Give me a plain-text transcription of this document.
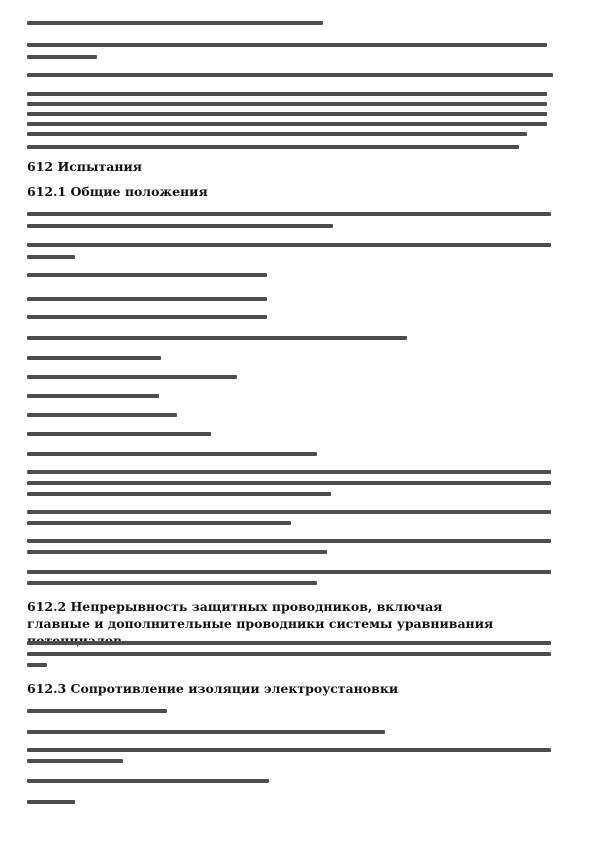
612 Испытания
612.1 Общие положения
612.2 Непрерывность защитных проводников, включая главные и дополнительные проводники системы уравнивания
612.3 Сопротивление изоляции электроустановки
